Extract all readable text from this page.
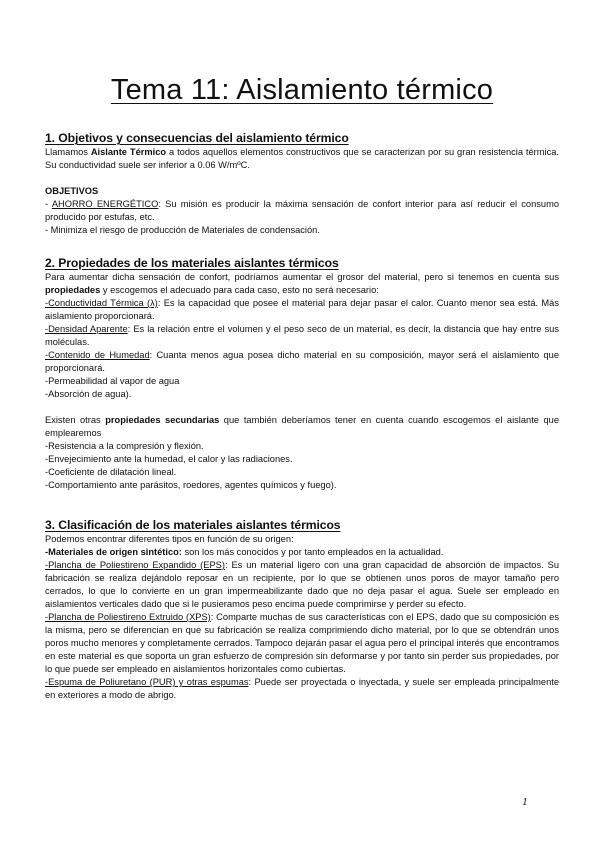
Tema 11: Aislamiento térmico
1. Objetivos y consecuencias del aislamiento térmico

Llamamos Aislante Térmico a todos aquellos elementos constructivos que se caracterizan por su gran resistencia térmica. Su conductividad suele ser inferior a 0.06 W/mºC.

OBJETIVOS

- AHORRO ENERGÉTICO: Su misión es producir la máxima sensación de confort interior para así reducir el consumo producido por estufas, etc.

- Minimiza el riesgo de producción de Materiales de condensación.

2. Propiedades de los materiales aislantes térmicos

Para aumentar dicha sensación de confort, podríamos aumentar el grosor del material, pero si tenemos en cuenta sus propiedades y escogemos el adecuado para cada caso, esto no será necesario:

-Conductividad Térmica (λ): Es la capacidad que posee el material para dejar pasar el calor. Cuanto menor sea está. Más aislamiento proporcionará.

-Densidad Aparente: Es la relación entre el volumen y el peso seco de un material, es decir, la distancia que hay entre sus moléculas.

-Contenido de Humedad: Cuanta menos agua posea dicho material en su composición, mayor será el aislamiento que proporcionará.

-Permeabilidad al vapor de agua

-Absorción de agua).

Existen otras propiedades secundarias que también deberíamos tener en cuenta cuando escogemos el aislante que emplearemos

-Resistencia a la compresión y flexión.

-Envejecimiento ante la humedad, el calor y las radiaciones.

-Coeficiente de dilatación lineal.

-Comportamiento ante parásitos, roedores, agentes químicos y fuego).

3. Clasificación de los materiales aislantes térmicos

Podemos encontrar diferentes tipos en función de su origen:

-Materiales de origen sintético: son los más conocidos y por tanto empleados en la actualidad.

-Plancha de Poliestireno Expandido (EPS): Es un material ligero con una gran capacidad de absorción de impactos. Su fabricación se realiza dejándolo reposar en un recipiente, por lo que se obtienen unos poros de mayor tamaño pero cerrados, lo que lo convierte en un gran impermeabilizante dado que no deja pasar el agua. Suele ser empleado en aislamientos verticales dado que si le pusieramos peso encima puede comprimirse y perder su efecto.

-Plancha de Poliestireno Extruido (XPS): Comparte muchas de sus características con el EPS, dado que su composición es la misma, pero se diferencian en que su fabricación se realiza comprimiendo dicho material, por lo que se obtendrán unos poros mucho menores y completamente cerrados. Tampoco dejarán pasar el agua pero el principal interés que encontramos en este material es que soporta un gran esfuerzo de compresión sin deformarse y por tanto sin perder sus propiedades, por lo que puede ser empleado en aislamientos horizontales como cubiertas.

-Espuma de Poliuretano (PUR) y otras espumas: Puede ser proyectada o inyectada, y suele ser empleada principalmente en exteriores a modo de abrigo.

1
